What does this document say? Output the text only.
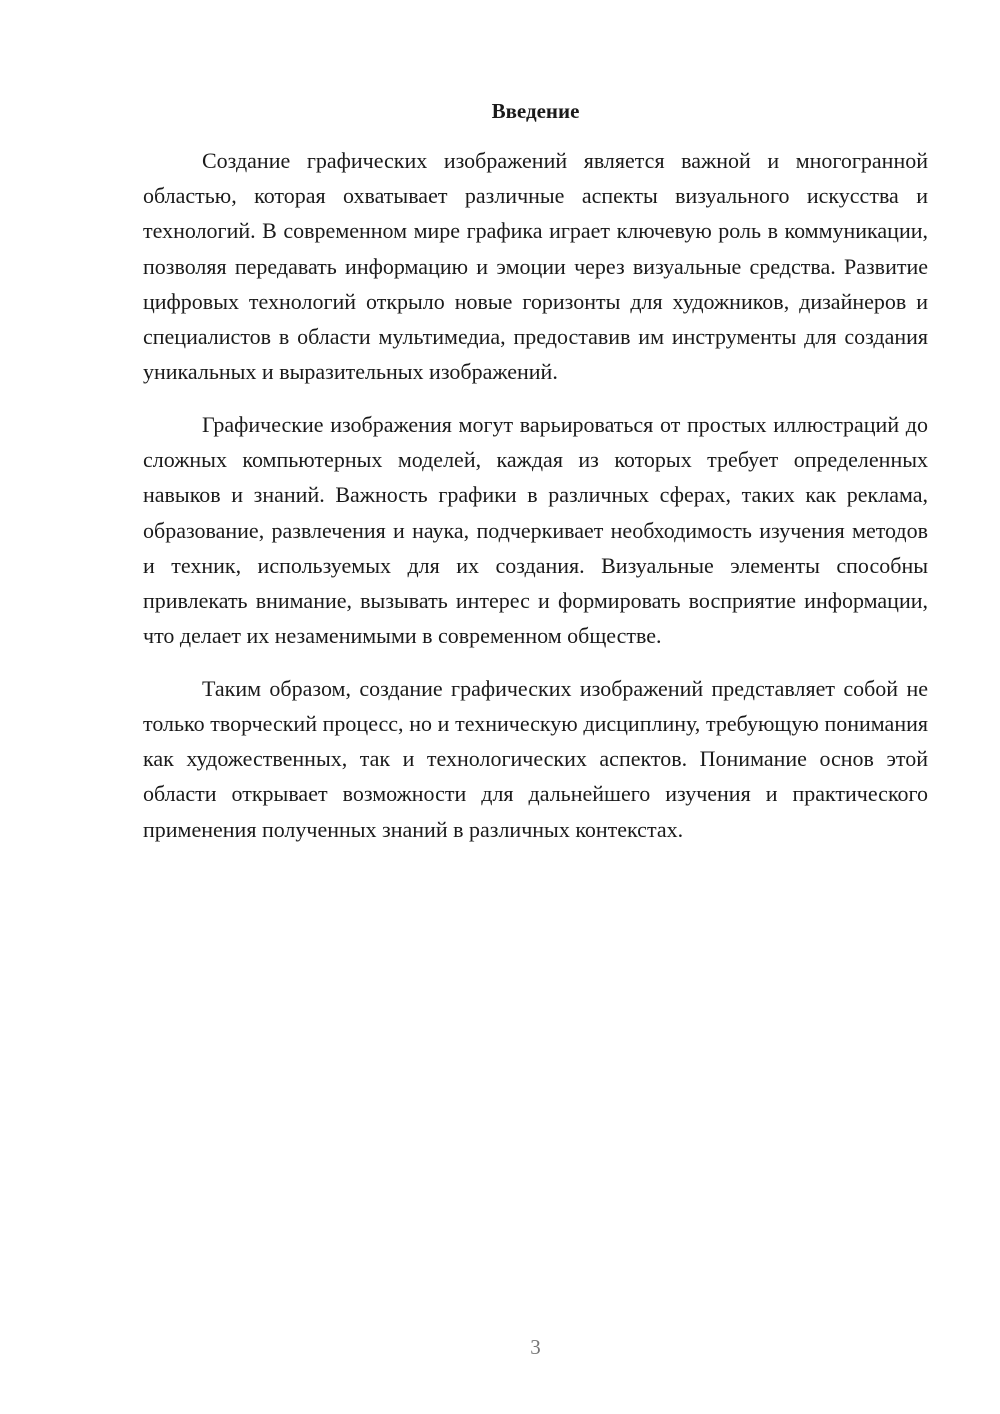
Введение

Создание графических изображений является важной и многогранной областью, которая охватывает различные аспекты визуального искусства и технологий. В современном мире графика играет ключевую роль в коммуникации, позволяя передавать информацию и эмоции через визуальные средства. Развитие цифровых технологий открыло новые горизонты для художников, дизайнеров и специалистов в области мультимедиа, предоставив им инструменты для создания уникальных и выразительных изображений.

Графические изображения могут варьироваться от простых иллюстраций до сложных компьютерных моделей, каждая из которых требует определенных навыков и знаний. Важность графики в различных сферах, таких как реклама, образование, развлечения и наука, подчеркивает необходимость изучения методов и техник, используемых для их создания. Визуальные элементы способны привлекать внимание, вызывать интерес и формировать восприятие информации, что делает их незаменимыми в современном обществе.

Таким образом, создание графических изображений представляет собой не только творческий процесс, но и техническую дисциплину, требующую понимания как художественных, так и технологических аспектов. Понимание основ этой области открывает возможности для дальнейшего изучения и практического применения полученных знаний в различных контекстах.

3
